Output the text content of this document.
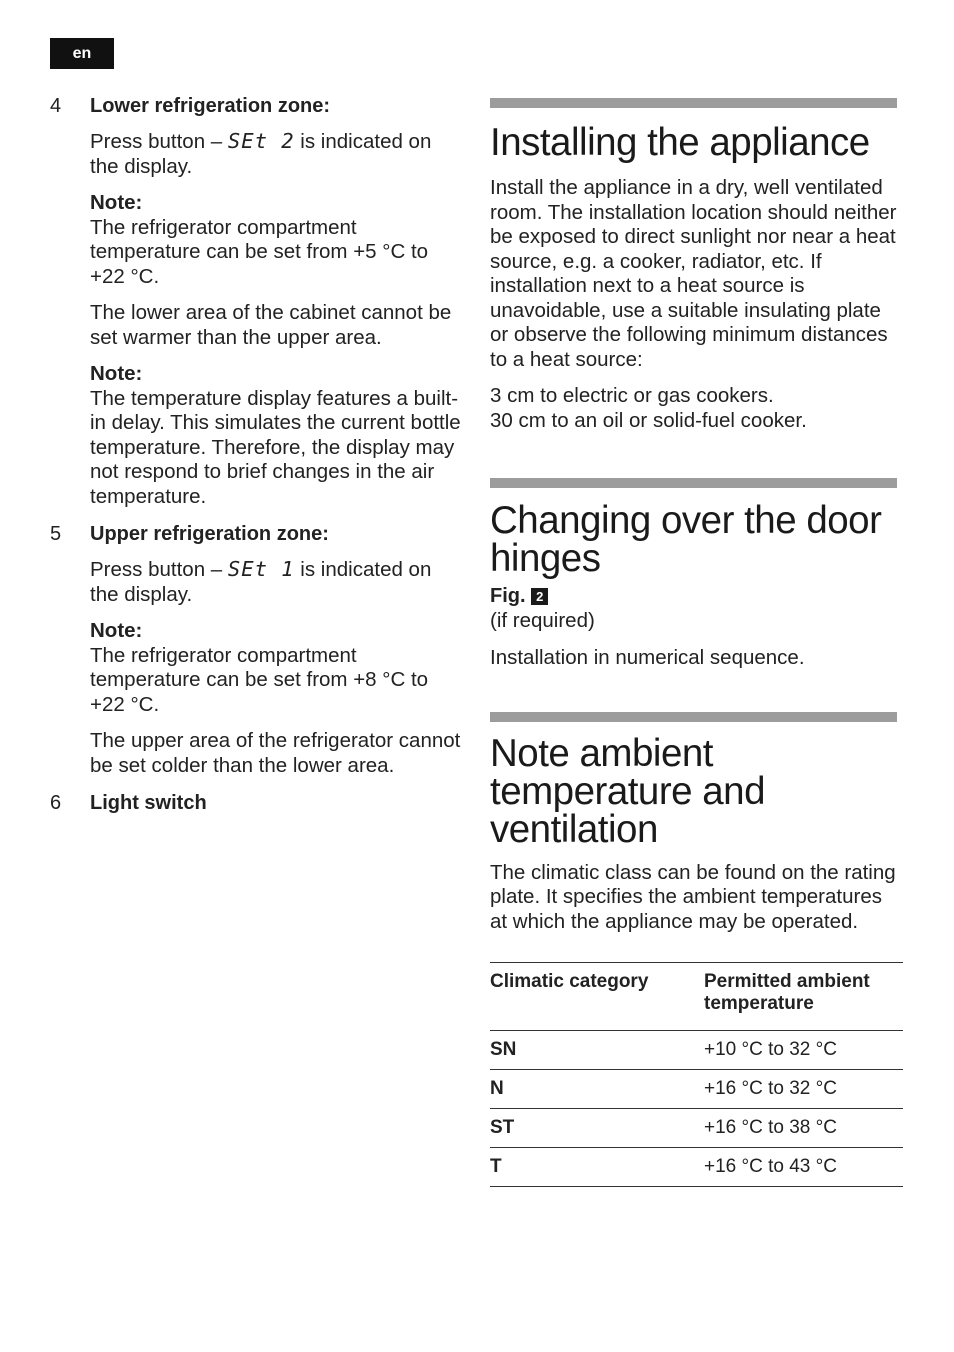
en
4 Lower refrigeration zone:

Press button – SEt 2 is indicated on the display.

Note:
The refrigerator compartment temperature can be set from +5 °C to +22 °C.

The lower area of the cabinet cannot be set warmer than the upper area.

Note:
The temperature display features a built-in delay. This simulates the current bottle temperature. Therefore, the display may not respond to brief changes in the air temperature.

5 Upper refrigeration zone:

Press button – SEt 1 is indicated on the display.

Note:
The refrigerator compartment temperature can be set from +8 °C to +22 °C.

The upper area of the refrigerator cannot be set colder than the lower area.

6 Light switch
Installing the appliance

Install the appliance in a dry, well ventilated room. The installation location should neither be exposed to direct sunlight nor near a heat source, e.g. a cooker, radiator, etc. If installation next to a heat source is unavoidable, use a suitable insulating plate or observe the following minimum distances to a heat source:

3 cm to electric or gas cookers.

30 cm to an oil or solid-fuel cooker.

Changing over the door hinges

Fig. 2

(if required)

Installation in numerical sequence.

Note ambient temperature and ventilation

The climatic class can be found on the rating plate. It specifies the ambient temperatures at which the appliance may be operated.

Climatic category	Permitted ambient temperature
SN	+10 °C to 32 °C
N	+16 °C to 32 °C
ST	+16 °C to 38 °C
T	+16 °C to 43 °C
